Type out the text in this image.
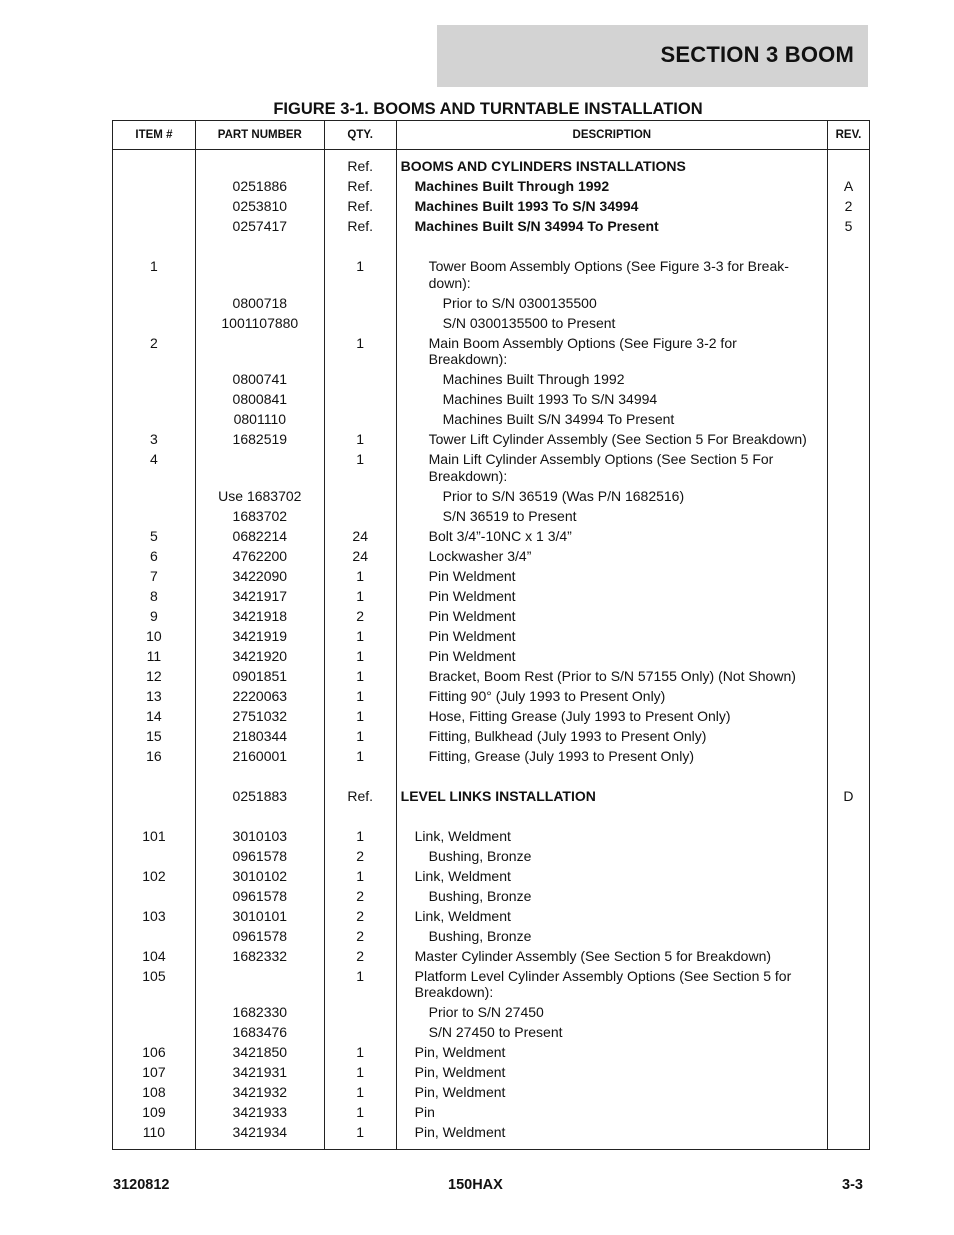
SECTION 3 BOOM
FIGURE 3-1. BOOMS AND TURNTABLE INSTALLATION
ITEM #	PART NUMBER	QTY.	DESCRIPTION	REV.
		Ref.	BOOMS AND CYLINDERS INSTALLATIONS	

	0251886	Ref.	Machines Built Through 1992	A
	0253810	Ref.	Machines Built 1993 To S/N 34994	2
	0257417	Ref.	Machines Built S/N 34994 To Present	5

1		1	Tower Boom Assembly Options (See Figure 3-3 for Break-down):	

	0800718		Prior to S/N 0300135500	

	1001107880		S/N 0300135500 to Present	

2		1	Main Boom Assembly Options (See Figure 3-2 for Breakdown):	

	0800741		Machines Built Through 1992	

	0800841		Machines Built 1993 To S/N 34994	

	0801110		Machines Built S/N 34994 To Present	

3	1682519	1	Tower Lift Cylinder Assembly (See Section 5 For Breakdown)	

4		1	Main Lift Cylinder Assembly Options (See Section 5 For Breakdown):	

	Use 1683702		Prior to S/N 36519 (Was P/N 1682516)	

	1683702		S/N 36519 to Present	

5	0682214	24	Bolt 3/4”-10NC x 1 3/4”	

6	4762200	24	Lockwasher 3/4”	

7	3422090	1	Pin Weldment	

8	3421917	1	Pin Weldment	

9	3421918	2	Pin Weldment	

10	3421919	1	Pin Weldment	

11	3421920	1	Pin Weldment	

12	0901851	1	Bracket, Boom Rest (Prior to S/N 57155 Only) (Not Shown)	

13	2220063	1	Fitting 90° (July 1993 to Present Only)	

14	2751032	1	Hose, Fitting Grease (July 1993 to Present Only)	

15	2180344	1	Fitting, Bulkhead (July 1993 to Present Only)	

16	2160001	1	Fitting, Grease (July 1993 to Present Only)	

	0251883	Ref.	LEVEL LINKS INSTALLATION	D

101	3010103	1	Link, Weldment	

	0961578	2	Bushing, Bronze	

102	3010102	1	Link, Weldment	

	0961578	2	Bushing, Bronze	

103	3010101	2	Link, Weldment	

	0961578	2	Bushing, Bronze	

104	1682332	2	Master Cylinder Assembly (See Section 5 for Breakdown)	

105		1	Platform Level Cylinder Assembly Options (See Section 5 for Breakdown):	

	1682330		Prior to S/N 27450	

	1683476		S/N 27450 to Present	

106	3421850	1	Pin, Weldment	

107	3421931	1	Pin, Weldment	

108	3421932	1	Pin, Weldment	

109	3421933	1	Pin	

110	3421934	1	Pin, Weldment	

3120812	150HAX	3-3
